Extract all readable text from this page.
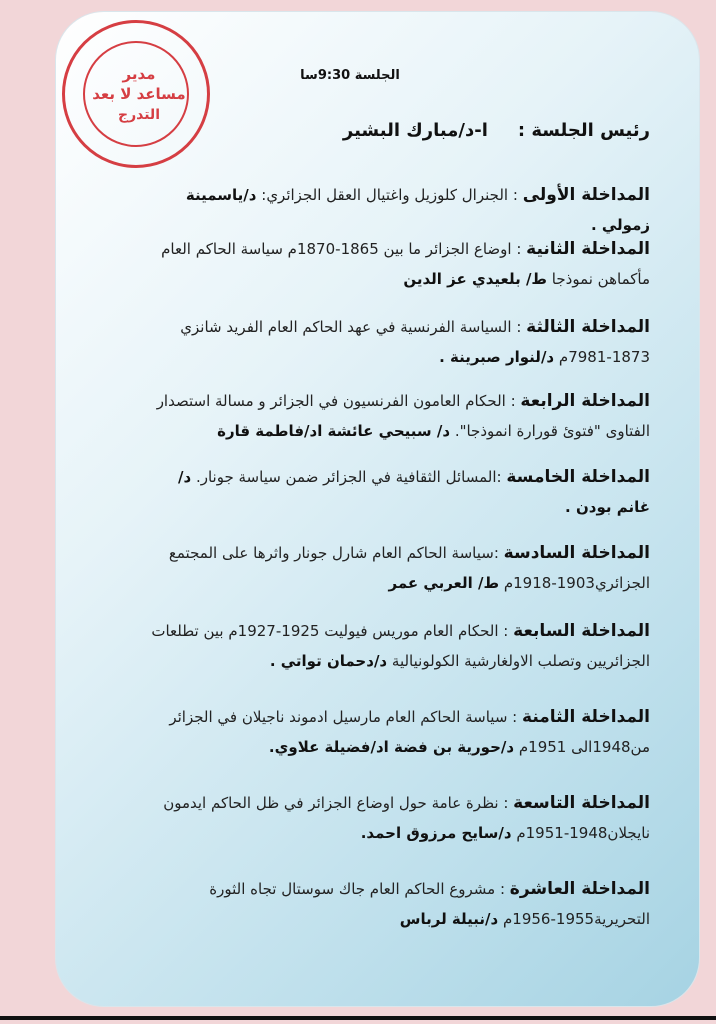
مدير
مساعد لا بعد
التدرج
الجلسة 9:30سا
رئيس الجلسة :ا-د/مبارك البشير
المداخلة الأولى : الجنرال كلوزيل واغتيال العقل الجزائري: د/ياسمينة زمولي .
المداخلة الثانية : اوضاع الجزائر ما بين 1865-1870م سياسة الحاكم العام مأكماهن نموذجا ط/ بلعيدي عز الدين
المداخلة الثالثة : السياسة الفرنسية في عهد الحاكم العام الفريد شانزي 1873-7981م د/لنوار صبرينة .
المداخلة الرابعة : الحكام العامون الفرنسيون في الجزائر و مسالة استصدار الفتاوى "فتوئ قورارة انموذجا". د/ سبيحي عائشة اد/فاطمة قارة
المداخلة الخامسة :المسائل الثقافية في الجزائر ضمن سياسة جونار. د/غانم بودن .
المداخلة السادسة :سياسة الحاكم العام شارل جونار واثرها على المجتمع الجزائري1903-1918م ط/ العربي عمر
المداخلة السابعة : الحكام العام موريس فيوليت 1925-1927م بين تطلعات الجزائريين وتصلب الاولغارشية الكولونيالية د/دحمان تواتي .
المداخلة الثامنة : سياسة الحاكم العام مارسيل ادموند ناجيلان في الجزائر من1948الى 1951م د/حورية بن فضة اد/فضيلة علاوي.
المداخلة التاسعة : نظرة عامة حول اوضاع الجزائر في ظل الحاكم ايدمون نايجلان1948-1951م د/سايح مرزوق احمد.
المداخلة العاشرة : مشروع الحاكم العام جاك سوستال تجاه الثورة التحريرية1955-1956م د/نبيلة لرباس
